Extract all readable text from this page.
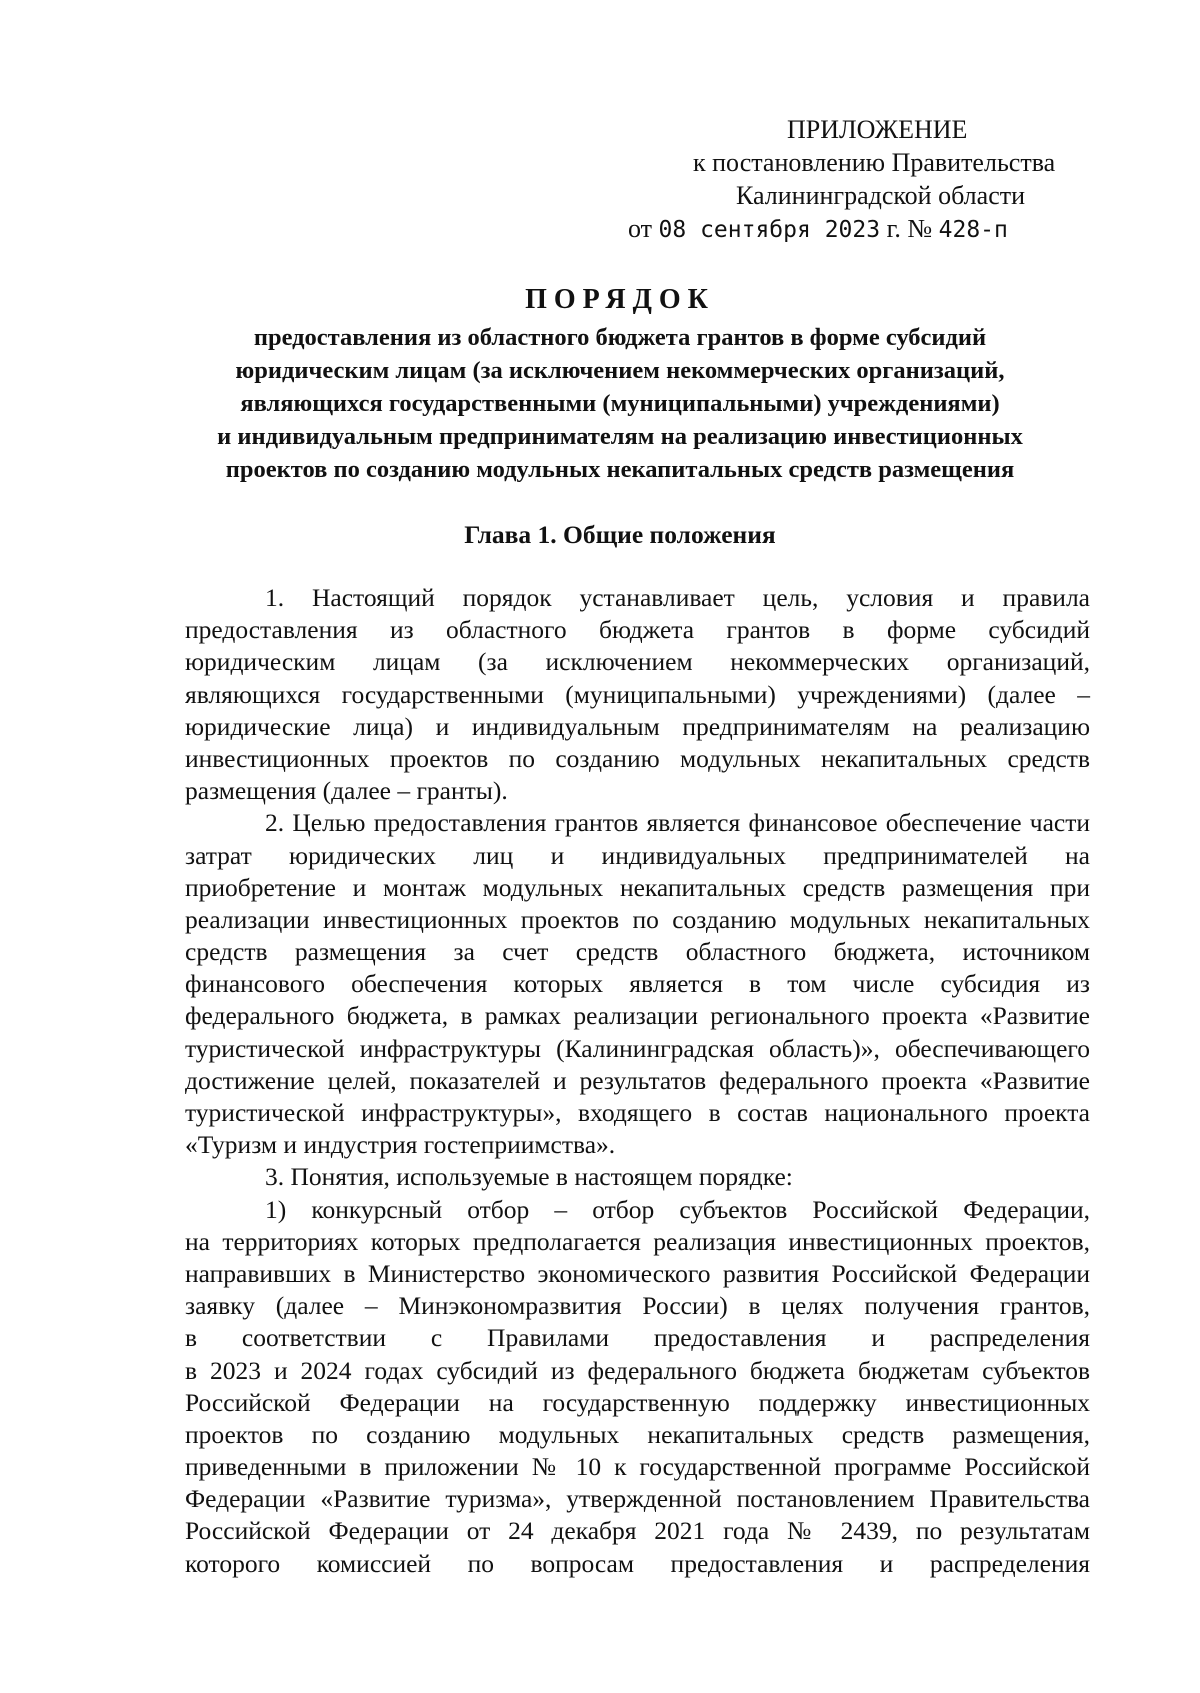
ПРИЛОЖЕНИЕ
к постановлению Правительства
Калининградской области
от 08 сентября 2023 г. № 428-п
ПОРЯДОК
предоставления из областного бюджета грантов в форме субсидий
юридическим лицам (за исключением некоммерческих организаций,
являющихся государственными (муниципальными) учреждениями)
и индивидуальным предпринимателям на реализацию инвестиционных
проектов по созданию модульных некапитальных средств размещения
Глава 1. Общие положения
1. Настоящий порядок устанавливает цель, условия и правила
предоставления из областного бюджета грантов в форме субсидий
юридическим лицам (за исключением некоммерческих организаций,
являющихся государственными (муниципальными) учреждениями) (далее –
юридические лица) и индивидуальным предпринимателям на реализацию
инвестиционных проектов по созданию модульных некапитальных средств
размещения (далее – гранты).
2. Целью предоставления грантов является финансовое обеспечение части
затрат юридических лиц и индивидуальных предпринимателей на
приобретение и монтаж модульных некапитальных средств размещения при
реализации инвестиционных проектов по созданию модульных некапитальных
средств размещения за счет средств областного бюджета, источником
финансового обеспечения которых является в том числе субсидия из
федерального бюджета, в рамках реализации регионального проекта «Развитие
туристической инфраструктуры (Калининградская область)», обеспечивающего
достижение целей, показателей и результатов федерального проекта «Развитие
туристической инфраструктуры», входящего в состав национального проекта
«Туризм и индустрия гостеприимства».
3. Понятия, используемые в настоящем порядке:
1) конкурсный отбор – отбор субъектов Российской Федерации,
на территориях которых предполагается реализация инвестиционных проектов,
направивших в Министерство экономического развития Российской Федерации
заявку (далее – Минэкономразвития России) в целях получения грантов,
в соответствии с Правилами предоставления и распределения
в 2023 и 2024 годах субсидий из федерального бюджета бюджетам субъектов
Российской Федерации на государственную поддержку инвестиционных
проектов по созданию модульных некапитальных средств размещения,
приведенными в приложении № 10 к государственной программе Российской
Федерации «Развитие туризма», утвержденной постановлением Правительства
Российской Федерации от 24 декабря 2021 года № 2439, по результатам
которого комиссией по вопросам предоставления и распределения
